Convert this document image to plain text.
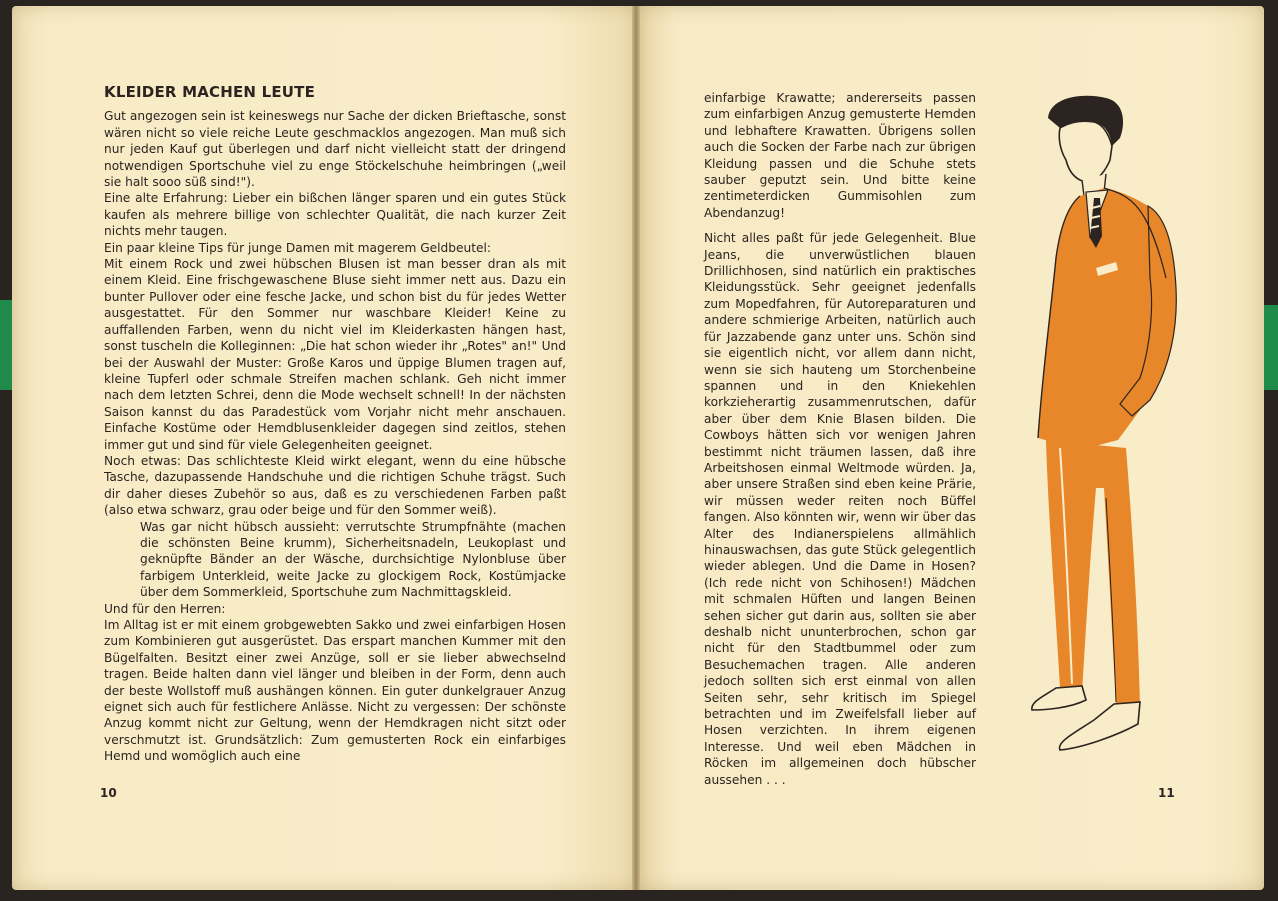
KLEIDER MACHEN LEUTE

Gut angezogen sein ist keineswegs nur Sache der dicken Brieftasche, sonst wären nicht so viele reiche Leute geschmacklos angezogen. Man muß sich nur jeden Kauf gut überlegen und darf nicht vielleicht statt der dringend notwendigen Sportschuhe viel zu enge Stöckelschuhe heimbringen („weil sie halt sooo süß sind!").

Eine alte Erfahrung: Lieber ein bißchen länger sparen und ein gutes Stück kaufen als mehrere billige von schlechter Qualität, die nach kurzer Zeit nichts mehr taugen.

Ein paar kleine Tips für junge Damen mit magerem Geldbeutel:

Mit einem Rock und zwei hübschen Blusen ist man besser dran als mit einem Kleid. Eine frischgewaschene Bluse sieht immer nett aus. Dazu ein bunter Pullover oder eine fesche Jacke, und schon bist du für jedes Wetter ausgestattet. Für den Sommer nur waschbare Kleider! Keine zu auffallenden Farben, wenn du nicht viel im Kleiderkasten hängen hast, sonst tuscheln die Kolleginnen: „Die hat schon wieder ihr „Rotes" an!" Und bei der Auswahl der Muster: Große Karos und üppige Blumen tragen auf, kleine Tupferl oder schmale Streifen machen schlank. Geh nicht immer nach dem letzten Schrei, denn die Mode wechselt schnell! In der nächsten Saison kannst du das Paradestück vom Vorjahr nicht mehr anschauen. Einfache Kostüme oder Hemdblusenkleider dagegen sind zeitlos, stehen immer gut und sind für viele Gelegenheiten geeignet.

Noch etwas: Das schlichteste Kleid wirkt elegant, wenn du eine hübsche Tasche, dazupassende Handschuhe und die richtigen Schuhe trägst. Such dir daher dieses Zubehör so aus, daß es zu verschiedenen Farben paßt (also etwa schwarz, grau oder beige und für den Sommer weiß).

Was gar nicht hübsch aussieht: verrutschte Strumpfnähte (machen die schönsten Beine krumm), Sicherheitsnadeln, Leukoplast und geknüpfte Bänder an der Wäsche, durchsichtige Nylonbluse über farbigem Unterkleid, weite Jacke zu glockigem Rock, Kostümjacke über dem Sommerkleid, Sportschuhe zum Nachmittagskleid.

Und für den Herren:

Im Alltag ist er mit einem grobgewebten Sakko und zwei einfarbigen Hosen zum Kombinieren gut ausgerüstet. Das erspart manchen Kummer mit den Bügelfalten. Besitzt einer zwei Anzüge, soll er sie lieber abwechselnd tragen. Beide halten dann viel länger und bleiben in der Form, denn auch der beste Wollstoff muß aushängen können. Ein guter dunkelgrauer Anzug eignet sich auch für festlichere Anlässe. Nicht zu vergessen: Der schönste Anzug kommt nicht zur Geltung, wenn der Hemdkragen nicht sitzt oder verschmutzt ist. Grundsätzlich: Zum gemusterten Rock ein einfarbiges Hemd und womöglich auch eine

10

einfarbige Krawatte; andererseits passen zum einfarbigen Anzug gemusterte Hemden und lebhaftere Krawatten. Übrigens sollen auch die Socken der Farbe nach zur übrigen Kleidung passen und die Schuhe stets sauber geputzt sein. Und bitte keine zentimeterdicken Gummisohlen zum Abendanzug!

Nicht alles paßt für jede Gelegenheit. Blue Jeans, die unverwüstlichen blauen Drillichhosen, sind natürlich ein praktisches Kleidungsstück. Sehr geeignet jedenfalls zum Mopedfahren, für Autoreparaturen und andere schmierige Arbeiten, natürlich auch für Jazzabende ganz unter uns. Schön sind sie eigentlich nicht, vor allem dann nicht, wenn sie sich hauteng um Storchenbeine spannen und in den Kniekehlen korkzieherartig zusammenrutschen, dafür aber über dem Knie Blasen bilden. Die Cowboys hätten sich vor wenigen Jahren bestimmt nicht träumen lassen, daß ihre Arbeitshosen einmal Weltmode würden. Ja, aber unsere Straßen sind eben keine Prärie, wir müssen weder reiten noch Büffel fangen. Also könnten wir, wenn wir über das Alter des Indianerspielens allmählich hinauswachsen, das gute Stück gelegentlich wieder ablegen. Und die Dame in Hosen? (Ich rede nicht von Schihosen!) Mädchen mit schmalen Hüften und langen Beinen sehen sicher gut darin aus, sollten sie aber deshalb nicht ununterbrochen, schon gar nicht für den Stadtbummel oder zum Besuchemachen tragen. Alle anderen jedoch sollten sich erst einmal von allen Seiten sehr, sehr kritisch im Spiegel betrachten und im Zweifelsfall lieber auf Hosen verzichten. In ihrem eigenen Interesse. Und weil eben Mädchen in Röcken im allgemeinen doch hübscher aussehen . . .

11
